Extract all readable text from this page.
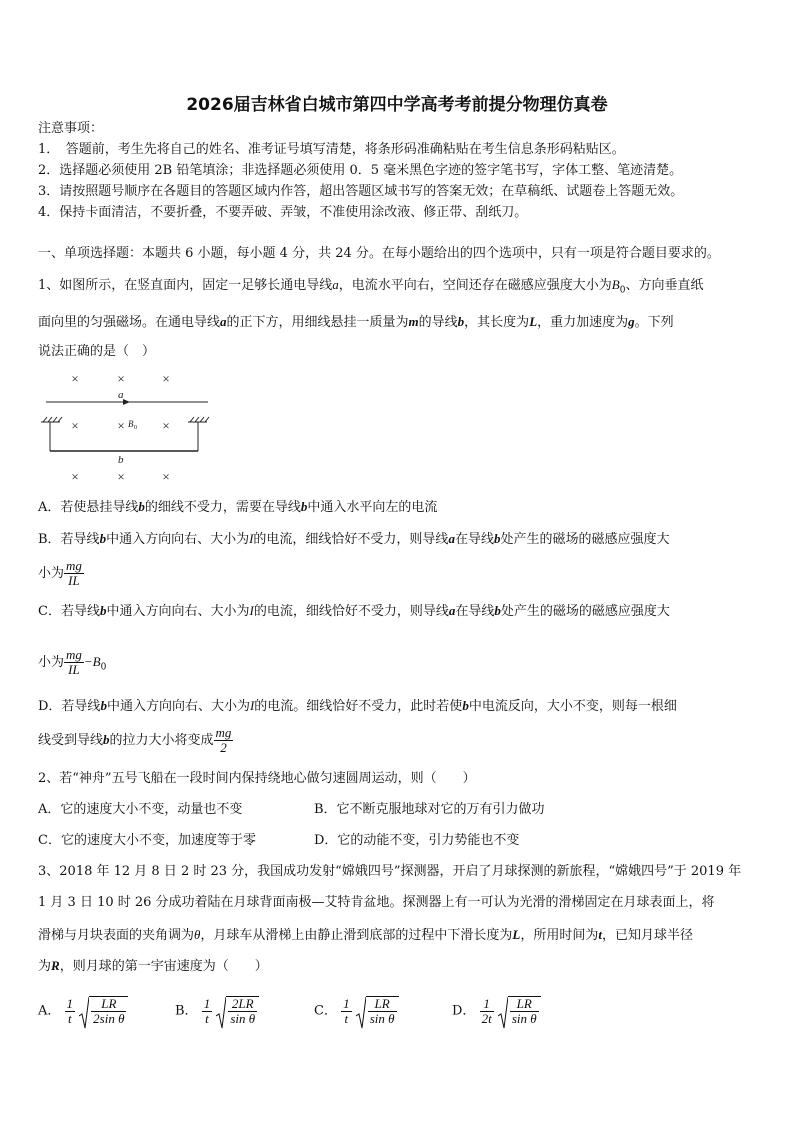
2026届吉林省白城市第四中学高考考前提分物理仿真卷
注意事项：
1．　答题前，考生先将自己的姓名、准考证号填写清楚，将条形码准确粘贴在考生信息条形码粘贴区。
2．选择题必须使用 2B 铅笔填涂；非选择题必须使用 0．5 毫米黑色字迹的签字笔书写，字体工整、笔迹清楚。
3．请按照题号顺序在各题目的答题区域内作答，超出答题区域书写的答案无效；在草稿纸、试题卷上答题无效。
4．保持卡面清洁，不要折叠，不要弄破、弄皱，不准使用涂改液、修正带、刮纸刀。
一、单项选择题：本题共 6 小题，每小题 4 分，共 24 分。在每小题给出的四个选项中，只有一项是符合题目要求的。
1、如图所示，在竖直面内，固定一足够长通电导线a，电流水平向右，空间还存在磁感应强度大小为$B_0$、方向垂直纸
面向里的匀强磁场。在通电导线a的正下方，用细线悬挂一质量为m的导线b，其长度为L，重力加速度为g。下列
说法正确的是（　）
×	×	×
×	×	×
×	×	×
a
B 0
b
A．若使悬挂导线b的细线不受力，需要在导线b中通入水平向左的电流
B．若导线b中通入方向向右、大小为I的电流，细线恰好不受力，则导线a在导线b处产生的磁场的磁感应强度大
小为 $\frac{mg}{IL}$
C．若导线b中通入方向向右、大小为I的电流，细线恰好不受力，则导线a在导线b处产生的磁场的磁感应强度大
小为 $\frac{mg}{IL} -B_0$
D．若导线b中通入方向向右、大小为I的电流。细线恰好不受力，此时若使b中电流反向，大小不变，则每一根细
线受到导线b的拉力大小将变成 $\frac{mg}{2}$
2、若“神舟”五号飞船在一段时间内保持绕地心做匀速圆周运动，则（　　）
A．它的速度大小不变，动量也不变	B．它不断克服地球对它的万有引力做功
C．它的速度大小不变，加速度等于零	D．它的动能不变，引力势能也不变
3、2018 年 12 月 8 日 2 时 23 分，我国成功发射“嫦娥四号”探测器，开启了月球探测的新旅程，“嫦娥四号”于 2019 年
1 月 3 日 10 时 26 分成功着陆在月球背面南极—艾特肯盆地。探测器上有一可认为光滑的滑梯固定在月球表面上，将
滑梯与月块表面的夹角调为θ，月球车从滑梯上由静止滑到底部的过程中下滑长度为L，所用时间为t，已知月球半径
为R，则月球的第一宇宙速度为（　　）
A． $\frac{1}{t}$
$\frac{LR}{\text{2sin θ}}$	B． $\frac{1}{t}$
$\frac{2LR}{\text{sin θ}}$	C． $\frac{1}{t}$
$\frac{LR}{\text{sin θ}}$	D． $\frac{1}{2t}$
$\frac{LR}{\text{sin θ}}$
